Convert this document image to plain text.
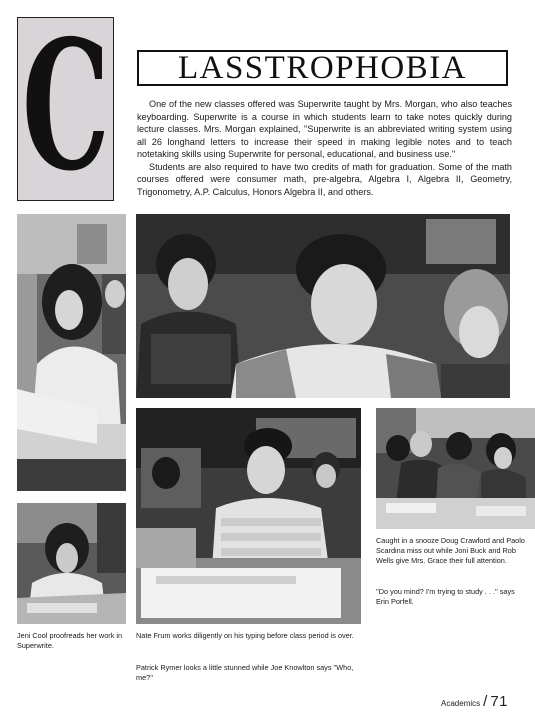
C LASSTROPHOBIA

One of the new classes offered was Superwrite taught by Mrs. Morgan, who also teaches keyboarding. Superwrite is a course in which students learn to take notes quickly during lecture classes. Mrs. Morgan explained, ''Superwrite is an abbreviated writing system using all 26 longhand letters to increase their speed in making legible notes and to teach notetaking skills using Superwrite for personal, educational, and business use.''

Students are also required to have two credits of math for graduation. Some of the math courses offered were consumer math, pre-algebra, Algebra I, Algebra II, Geometry, Trigonometry, A.P. Calculus, Honors Algebra II, and others.

Jeni Cool proofreads her work in Superwrite.
Nate Frum works diligently on his typing before class period is over.
Patrick Rymer looks a little stunned while Joe Knowlton says ''Who, me?''
Caught in a snooze Doug Crawford and Paolo Scardina miss out while Joni Buck and Rob Wells give Mrs. Grace their full attention.
''Do you mind? I'm trying to study . . .'' says Erin Porfell.
Academics / 71
